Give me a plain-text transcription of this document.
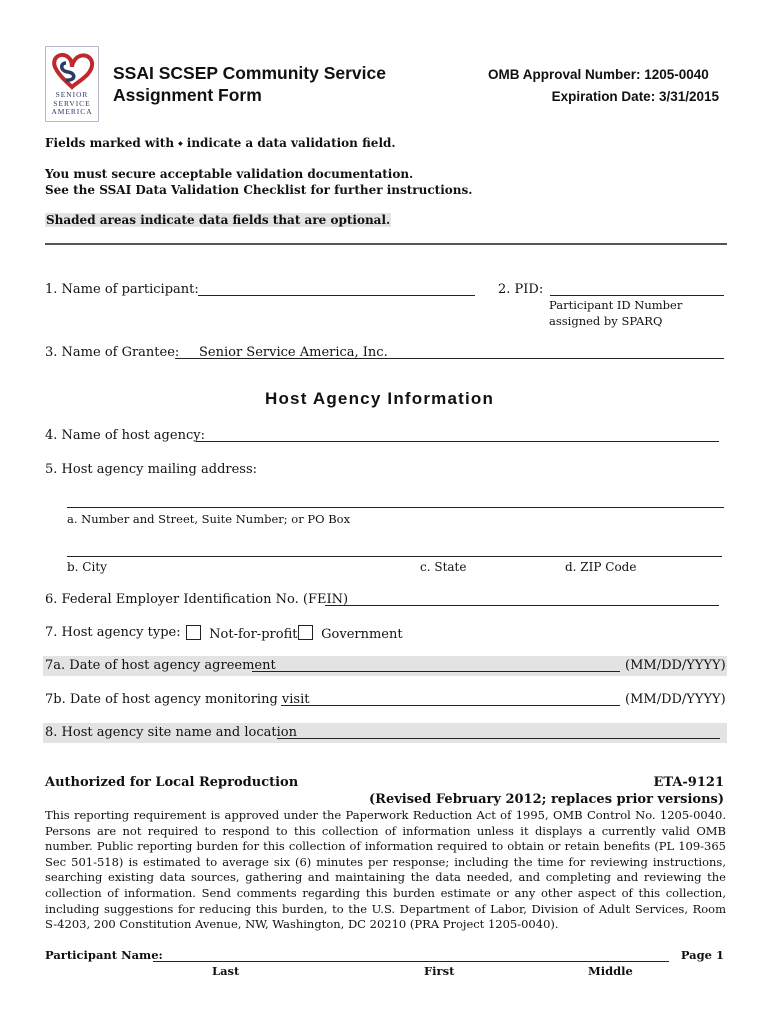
SENIOR SERVICE AMERICA
SSAI SCSEP Community Service
Assignment Form
OMB Approval Number: 1205-0040
Expiration Date: 3/31/2015
Fields marked with ⬩ indicate a data validation field.
You must secure acceptable validation documentation.
See the SSAI Data Validation Checklist for further instructions.
Shaded areas indicate data fields that are optional.
1. Name of participant:	2. PID:
Participant ID Number
assigned by SPARQ
3. Name of Grantee: Senior Service America, Inc.
Host Agency Information
4. Name of host agency:
5. Host agency mailing address:
a. Number and Street, Suite Number; or PO Box
b. City	c. State	d. ZIP Code
6. Federal Employer Identification No. (FEIN)
7. Host agency type:	Not-for-profit	Government
7a. Date of host agency agreement	(MM/DD/YYYY)
7b. Date of host agency monitoring visit	(MM/DD/YYYY)
8. Host agency site name and location
Authorized for Local Reproduction	ETA-9121
(Revised February 2012; replaces prior versions)
This reporting requirement is approved under the Paperwork Reduction Act of 1995, OMB Control No. 1205-0040. Persons are not required to respond to this collection of information unless it displays a currently valid OMB number. Public reporting burden for this collection of information required to obtain or retain benefits (PL 109-365 Sec 501-518) is estimated to average six (6) minutes per response; including the time for reviewing instructions, searching existing data sources, gathering and maintaining the data needed, and completing and reviewing the collection of information. Send comments regarding this burden estimate or any other aspect of this collection, including suggestions for reducing this burden, to the U.S. Department of Labor, Division of Adult Services, Room S-4203, 200 Constitution Avenue, NW, Washington, DC 20210 (PRA Project 1205-0040).
Participant Name:	Page 1
Last	First	Middle
